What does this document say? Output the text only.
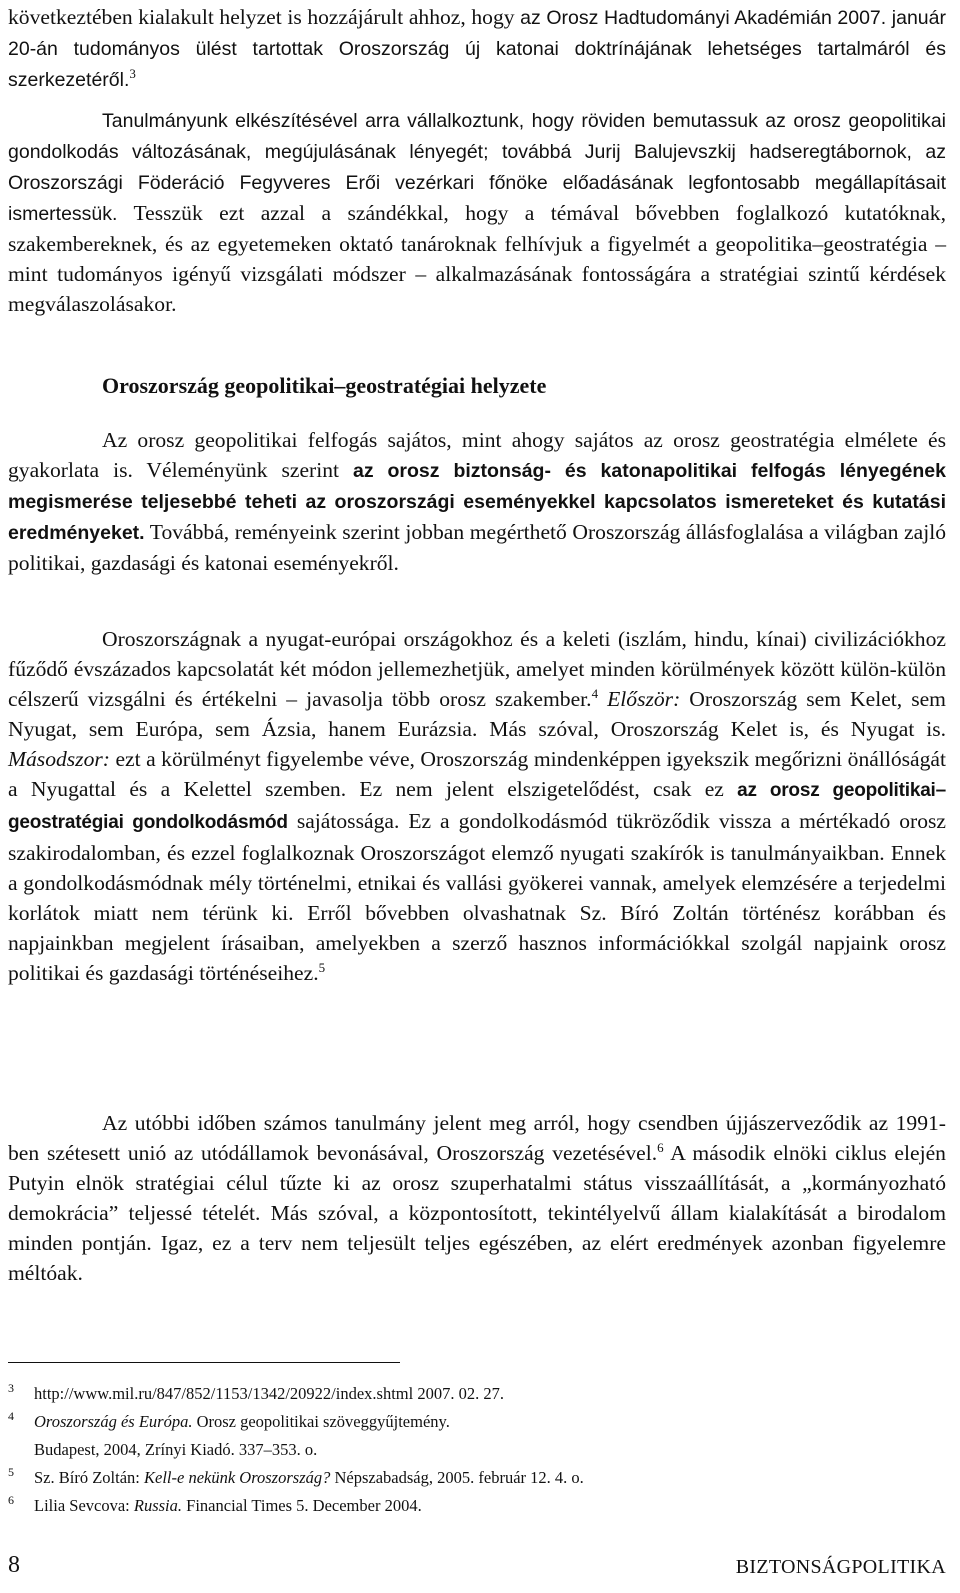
következtében kialakult helyzet is hozzájárult ahhoz, hogy az Orosz Hadtudományi Akadémián 2007. január 20-án tudományos ülést tartottak Oroszország új katonai doktrínájának lehetséges tartalmáról és szerkezetéről.$^3$

Tanulmányunk elkészítésével arra vállalkoztunk, hogy röviden bemutassuk az orosz geopolitikai gondolkodás változásának, megújulásának lényegét; továbbá Jurij Balujevszkij hadseregtábornok, az Oroszországi Föderáció Fegyveres Erői vezérkari főnöke előadásának legfontosabb megállapításait ismertessük. Tesszük ezt azzal a szándékkal, hogy a témával bővebben foglalkozó kutatóknak, szakembereknek, és az egyetemeken oktató tanároknak felhívjuk a figyelmét a geopolitika–geostratégia – mint tudományos igényű vizsgálati módszer – alkalmazásának fontosságára a stratégiai szintű kérdések megválaszolásakor.

Oroszország geopolitikai–geostratégiai helyzete

Az orosz geopolitikai felfogás sajátos, mint ahogy sajátos az orosz geostratégia elmélete és gyakorlata is. Véleményünk szerint az orosz biztonság- és katonapolitikai felfogás lényegének megismerése teljesebbé teheti az oroszországi eseményekkel kapcsolatos ismereteket és kutatási eredményeket. Továbbá, reményeink szerint jobban megérthető Oroszország állásfoglalása a világban zajló politikai, gazdasági és katonai eseményekről.

Oroszországnak a nyugat-európai országokhoz és a keleti (iszlám, hindu, kínai) civilizációkhoz fűződő évszázados kapcsolatát két módon jellemezhetjük, amelyet minden körülmények között külön-külön célszerű vizsgálni és értékelni – javasolja több orosz szakember.$^4$ Először: Oroszország sem Kelet, sem Nyugat, sem Európa, sem Ázsia, hanem Eurázsia. Más szóval, Oroszország Kelet is, és Nyugat is. Másodszor: ezt a körülményt figyelembe véve, Oroszország mindenképpen igyekszik megőrizni önállóságát a Nyugattal és a Kelettel szemben. Ez nem jelent elszigetelődést, csak ez az orosz geopolitikai–geostratégiai gondolkodásmód sajátossága. Ez a gondolkodásmód tükröződik vissza a mértékadó orosz szakirodalomban, és ezzel foglalkoznak Oroszországot elemző nyugati szakírók is tanulmányaikban. Ennek a gondolkodásmódnak mély történelmi, etnikai és vallási gyökerei vannak, amelyek elemzésére a terjedelmi korlátok miatt nem térünk ki. Erről bővebben olvashatnak Sz. Bíró Zoltán történész korábban és napjainkban megjelent írásaiban, amelyekben a szerző hasznos információkkal szolgál napjaink orosz politikai és gazdasági történéseihez.$^5$

Az utóbbi időben számos tanulmány jelent meg arról, hogy csendben újjászerveződik az 1991-ben szétesett unió az utódállamok bevonásával, Oroszország vezetésével.$^6$ A második elnöki ciklus elején Putyin elnök stratégiai célul tűzte ki az orosz szuperhatalmi státus visszaállítását, a „kormányozható demokrácia” teljessé tételét. Más szóval, a központosított, tekintélyelvű állam kialakítását a birodalom minden pontján. Igaz, ez a terv nem teljesült teljes egészében, az elért eredmények azonban figyelemre méltóak.

3 http://www.mil.ru/847/852/1153/1342/20922/index.shtml 2007. 02. 27.
4 Oroszország és Európa. Orosz geopolitikai szöveggyűjtemény.
Budapest, 2004, Zrínyi Kiadó. 337–353. o.
5 Sz. Bíró Zoltán: Kell-e nekünk Oroszország? Népszabadság, 2005. február 12. 4. o.
6 Lilia Sevcova: Russia. Financial Times 5. December 2004.
8	BIZTONSÁGPOLITIKA
